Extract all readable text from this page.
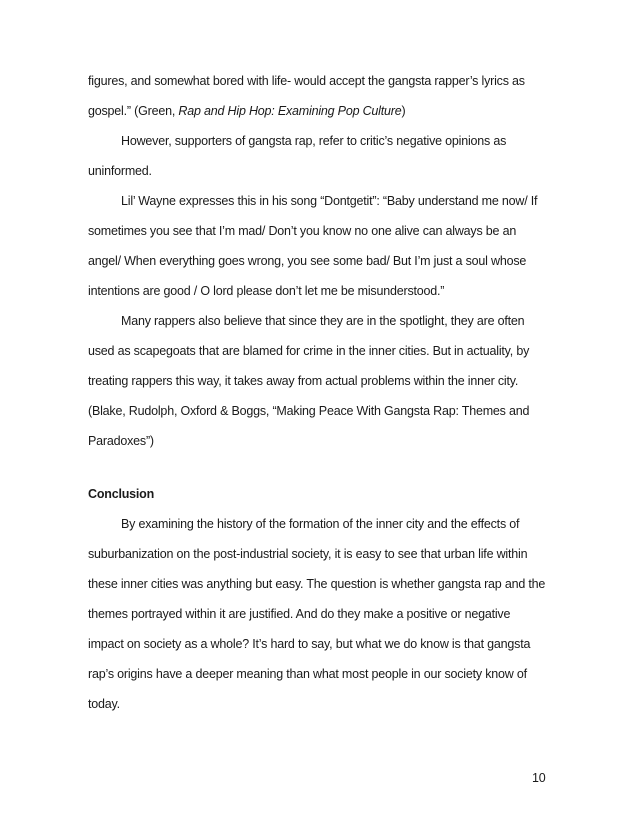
figures, and somewhat bored with life- would accept the gangsta rapper’s lyrics as
gospel.” (Green, Rap and Hip Hop: Examining Pop Culture)
However, supporters of gangsta rap, refer to critic’s negative opinions as
uninformed.
Lil’ Wayne expresses this in his song “Dontgetit”: “Baby understand me now/ If
sometimes you see that I’m mad/ Don’t you know no one alive can always be an
angel/ When everything goes wrong, you see some bad/ But I’m just a soul whose
intentions are good / O lord please don’t let me be misunderstood.”
Many rappers also believe that since they are in the spotlight, they are often
used as scapegoats that are blamed for crime in the inner cities. But in actuality, by
treating rappers this way, it takes away from actual problems within the inner city.
(Blake, Rudolph, Oxford & Boggs, “Making Peace With Gangsta Rap: Themes and
Paradoxes”)
Conclusion
By examining the history of the formation of the inner city and the effects of
suburbanization on the post-industrial society, it is easy to see that urban life within
these inner cities was anything but easy. The question is whether gangsta rap and the
themes portrayed within it are justified. And do they make a positive or negative
impact on society as a whole? It’s hard to say, but what we do know is that gangsta
rap’s origins have a deeper meaning than what most people in our society know of
today.
10
